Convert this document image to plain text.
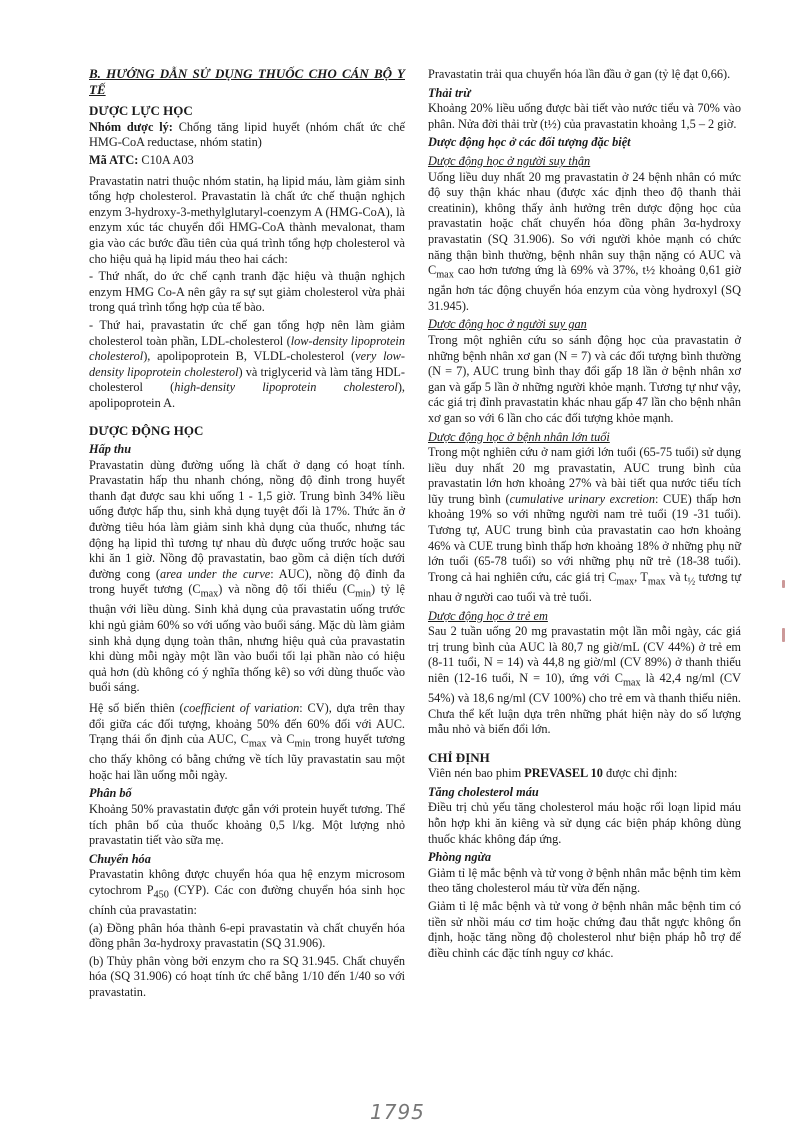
B. HƯỚNG DẪN SỬ DỤNG THUỐC CHO CÁN BỘ Y TẾ
DƯỢC LỰC HỌC

Nhóm dược lý: Chống tăng lipid huyết (nhóm chất ức chế HMG-CoA reductase, nhóm statin)

Mã ATC: C10A A03

Pravastatin natri thuộc nhóm statin, hạ lipid máu, làm giảm sinh tổng hợp cholesterol. Pravastatin là chất ức chế thuận nghịch enzym 3-hydroxy-3-methylglutaryl-coenzym A (HMG-CoA), là enzym xúc tác chuyển đổi HMG-CoA thành mevalonat, tham gia vào các bước đầu tiên của quá trình tổng hợp cholesterol và cho hiệu quả hạ lipid máu theo hai cách:

- Thứ nhất, do ức chế cạnh tranh đặc hiệu và thuận nghịch enzym HMG Co-A nên gây ra sự sụt giảm cholesterol vừa phải trong quá trình tổng hợp của tế bào.

- Thứ hai, pravastatin ức chế gan tổng hợp nên làm giảm cholesterol toàn phần, LDL-cholesterol (low-density lipoprotein cholesterol), apolipoprotein B, VLDL-cholesterol (very low-density lipoprotein cholesterol) và triglycerid và làm tăng HDL-cholesterol (high-density lipoprotein cholesterol), apolipoprotein A.

DƯỢC ĐỘNG HỌC
Hấp thu

Pravastatin dùng đường uống là chất ở dạng có hoạt tính. Pravastatin hấp thu nhanh chóng, nồng độ đỉnh trong huyết thanh đạt được sau khi uống 1 - 1,5 giờ. Trung bình 34% liều uống được hấp thu, sinh khả dụng tuyệt đối là 17%. Thức ăn ở đường tiêu hóa làm giảm sinh khả dụng của thuốc, nhưng tác động hạ lipid thì tương tự nhau dù được uống trước hoặc sau khi ăn 1 giờ. Nồng độ pravastatin, bao gồm cả diện tích dưới đường cong (area under the curve: AUC), nồng độ đỉnh đa trong huyết tương $(C_{max})$ và nồng độ tối thiểu $(C_{min})$ tỷ lệ thuận với liều dùng. Sinh khả dụng của pravastatin uống trước khi ngủ giảm 60% so với uống vào buổi sáng. Mặc dù làm giảm sinh khả dụng dụng toàn thân, nhưng hiệu quả của pravastatin khi dùng mỗi ngày một lần vào buổi tối lại phần nào có hiệu quả hơn (dù không có ý nghĩa thống kê) so với dùng thuốc vào buổi sáng.

Hệ số biến thiên (coefficient of variation: CV), dựa trên thay đổi giữa các đối tượng, khoảng 50% đến 60% đối với AUC. Trạng thái ổn định của AUC, $C_{max}$ và $C_{min}$ trong huyết tương cho thấy không có bằng chứng về tích lũy pravastatin sau một hoặc hai lần uống mỗi ngày.

Phân bố

Khoảng 50% pravastatin được gắn với protein huyết tương. Thể tích phân bố của thuốc khoảng 0,5 l/kg. Một lượng nhỏ pravastatin tiết vào sữa mẹ.

Chuyển hóa

Pravastatin không được chuyển hóa qua hệ enzym microsom cytochrom $P_{450}$ (CYP). Các con đường chuyển hóa sinh học chính của pravastatin:

(a) Đồng phân hóa thành 6-epi pravastatin và chất chuyển hóa đồng phân 3α-hydroxy pravastatin (SQ 31.906).

(b) Thủy phân vòng bởi enzym cho ra SQ 31.945. Chất chuyển hóa (SQ 31.906) có hoạt tính ức chế bằng 1/10 đến 1/40 so với pravastatin.

Pravastatin trải qua chuyển hóa lần đầu ở gan (tỷ lệ đạt 0,66).

Thải trừ

Khoảng 20% liều uống được bài tiết vào nước tiểu và 70% vào phân. Nửa đời thải trừ (t½) của pravastatin khoảng 1,5 – 2 giờ.

Dược động học ở các đối tượng đặc biệt
Dược động học ở người suy thận

Uống liều duy nhất 20 mg pravastatin ở 24 bệnh nhân có mức độ suy thận khác nhau (được xác định theo độ thanh thải creatinin), không thấy ảnh hưởng trên dược động học của pravastatin hoặc chất chuyển hóa đồng phân 3α-hydroxy pravastatin (SQ 31.906). So với người khỏe mạnh có chức năng thận bình thường, bệnh nhân suy thận nặng có AUC và $C_{max}$ cao hơn tương ứng là 69% và 37%, t½ khoảng 0,61 giờ ngắn hơn tác động chuyển hóa enzym của vòng hydroxyl (SQ 31.945).

Dược động học ở người suy gan

Trong một nghiên cứu so sánh động học của pravastatin ở những bệnh nhân xơ gan (N = 7) và các đối tượng bình thường (N = 7), AUC trung bình thay đổi gấp 18 lần ở bệnh nhân xơ gan và gấp 5 lần ở những người khỏe mạnh. Tương tự như vậy, các giá trị đỉnh pravastatin khác nhau gấp 47 lần cho bệnh nhân xơ gan so với 6 lần cho các đối tượng khỏe mạnh.

Dược động học ở bệnh nhân lớn tuổi

Trong một nghiên cứu ở nam giới lớn tuổi (65-75 tuổi) sử dụng liều duy nhất 20 mg pravastatin, AUC trung bình của pravastatin lớn hơn khoảng 27% và bài tiết qua nước tiểu tích lũy trung bình (cumulative urinary excretion: CUE) thấp hơn khoảng 19% so với những người nam trẻ tuổi (19 -31 tuổi). Tương tự, AUC trung bình của pravastatin cao hơn khoảng 46% và CUE trung bình thấp hơn khoảng 18% ở những phụ nữ lớn tuổi (65-78 tuổi) so với những phụ nữ trẻ (18-38 tuổi). Trong cả hai nghiên cứu, các giá trị $C_{max}$, $T_{max}$ và $t_{\frac{1}{2}}$ tương tự nhau ở người cao tuổi và trẻ tuổi.

Dược động học ở trẻ em

Sau 2 tuần uống 20 mg pravastatin một lần mỗi ngày, các giá trị trung bình của AUC là 80,7 ng giờ/mL (CV 44%) ở trẻ em (8-11 tuổi, N = 14) và 44,8 ng giờ/ml (CV 89%) ở thanh thiếu niên (12-16 tuổi, N = 10), ứng với $C_{max}$ là 42,4 ng/ml (CV 54%) và 18,6 ng/ml (CV 100%) cho trẻ em và thanh thiếu niên. Chưa thể kết luận dựa trên những phát hiện này do số lượng mẫu nhỏ và biến đổi lớn.

CHỈ ĐỊNH

Viên nén bao phim PREVASEL 10 được chỉ định:

Tăng cholesterol máu

Điều trị chủ yếu tăng cholesterol máu hoặc rối loạn lipid máu hỗn hợp khi ăn kiêng và sử dụng các biện pháp không dùng thuốc khác không đáp ứng.

Phòng ngừa

Giảm tỉ lệ mắc bệnh và tử vong ở bệnh nhân mắc bệnh tim kèm theo tăng cholesterol máu từ vừa đến nặng.

Giảm tỉ lệ mắc bệnh và tử vong ở bệnh nhân mắc bệnh tim có tiền sử nhồi máu cơ tim hoặc chứng đau thắt ngực không ổn định, hoặc tăng nồng độ cholesterol như biện pháp hỗ trợ để điều chỉnh các đặc tính nguy cơ khác.

1795
